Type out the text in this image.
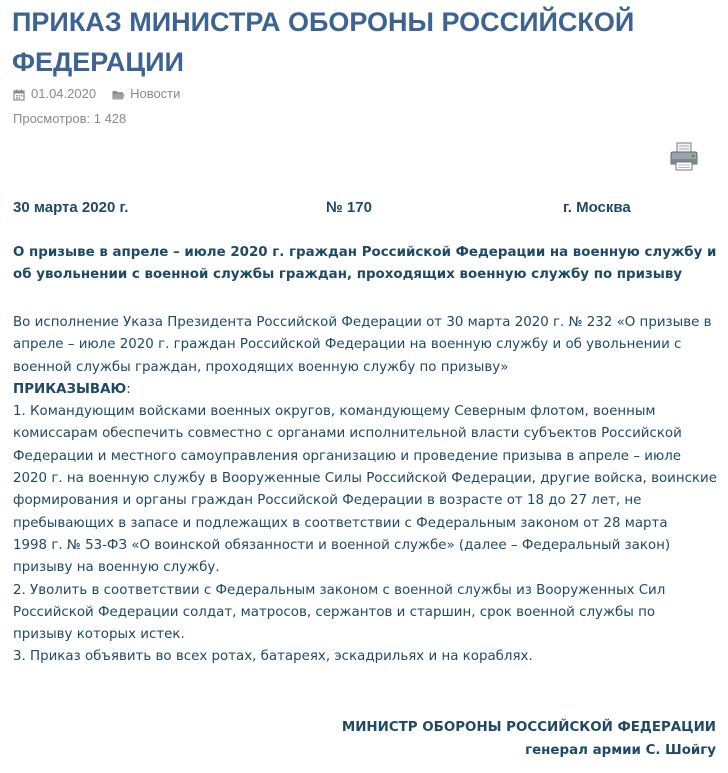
ПРИКАЗ МИНИСТРА ОБОРОНЫ РОССИЙСКОЙ ФЕДЕРАЦИИ
01.04.2020	Новости
Просмотров: 1 428
30 марта 2020 г.	№ 170	г. Москва

О призыве в апреле – июле 2020 г. граждан Российской Федерации на военную службу и об увольнении с военной службы граждан, проходящих военную службу по призыву

Во исполнение Указа Президента Российской Федерации от 30 марта 2020 г. № 232 «О призыве в апреле – июле 2020 г. граждан Российской Федерации на военную службу и об увольнении с военной службы граждан, проходящих военную службу по призыву»

ПРИКАЗЫВАЮ:

1. Командующим войсками военных округов, командующему Северным флотом, военным комиссарам обеспечить совместно с органами исполнительной власти субъектов Российской Федерации и местного самоуправления организацию и проведение призыва в апреле – июле 2020 г. на военную службу в Вооруженные Силы Российской Федерации, другие войска, воинские формирования и органы граждан Российской Федерации в возрасте от 18 до 27 лет, не пребывающих в запасе и подлежащих в соответствии с Федеральным законом от 28 марта

1998 г. № 53-ФЗ «О воинской обязанности и военной службе» (далее – Федеральный закон) призыву на военную службу.

2. Уволить в соответствии с Федеральным законом с военной службы из Вооруженных Сил Российской Федерации солдат, матросов, сержантов и старшин, срок военной службы по призыву которых истек.

3. Приказ объявить во всех ротах, батареях, эскадрильях и на кораблях.

МИНИСТР ОБОРОНЫ РОССИЙСКОЙ ФЕДЕРАЦИИ
генерал армии С. Шойгу
